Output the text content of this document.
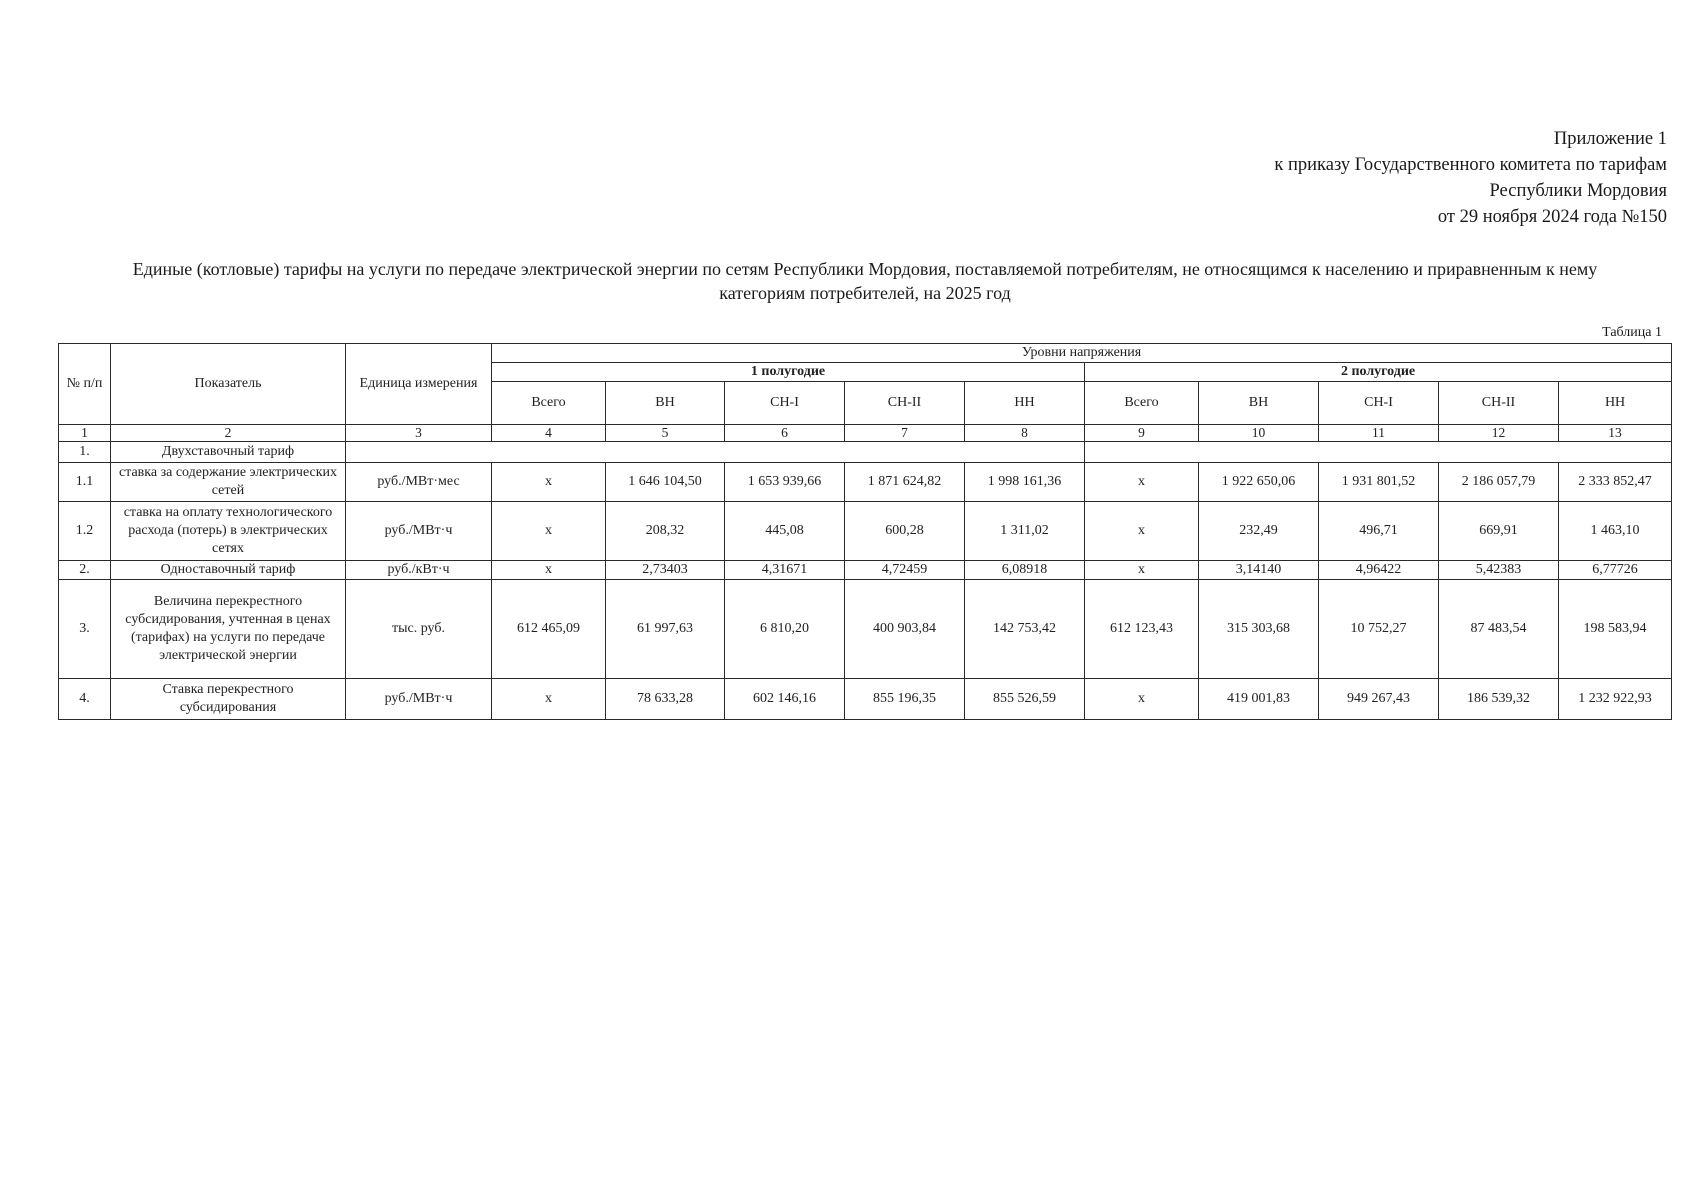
Приложение 1
к приказу Государственного комитета по тарифам
Республики Мордовия
от 29 ноября 2024 года №150
Единые (котловые) тарифы на услуги по передаче электрической энергии по сетям Республики Мордовия, поставляемой потребителям, не относящимся к населению и приравненным к нему
категориям потребителей, на 2025 год
Таблица 1
№ п/п	Показатель	Единица измерения	Уровни напряжения									
			1 полугодие					2 полугодие				
			Всего	ВН	СН-I	СН-II	НН	Всего	ВН	СН-I	СН-II	НН
1	2	3	4	5	6	7	8	9	10	11	12	13
1.	Двухставочный тариф											
1.1	ставка за содержание электрических сетей	руб./МВт·мес	х	1 646 104,50	1 653 939,66	1 871 624,82	1 998 161,36	х	1 922 650,06	1 931 801,52	2 186 057,79	2 333 852,47
1.2	ставка на оплату технологического расхода (потерь) в электрических сетях	руб./МВт·ч	х	208,32	445,08	600,28	1 311,02	х	232,49	496,71	669,91	1 463,10
2.	Одноставочный тариф	руб./кВт·ч	х	2,73403	4,31671	4,72459	6,08918	х	3,14140	4,96422	5,42383	6,77726
3.	Величина перекрестного субсидирования, учтенная в ценах (тарифах) на услуги по передаче электрической энергии	тыс. руб.	612 465,09	61 997,63	6 810,20	400 903,84	142 753,42	612 123,43	315 303,68	10 752,27	87 483,54	198 583,94
4.	Ставка перекрестного субсидирования	руб./МВт·ч	х	78 633,28	602 146,16	855 196,35	855 526,59	х	419 001,83	949 267,43	186 539,32	1 232 922,93
